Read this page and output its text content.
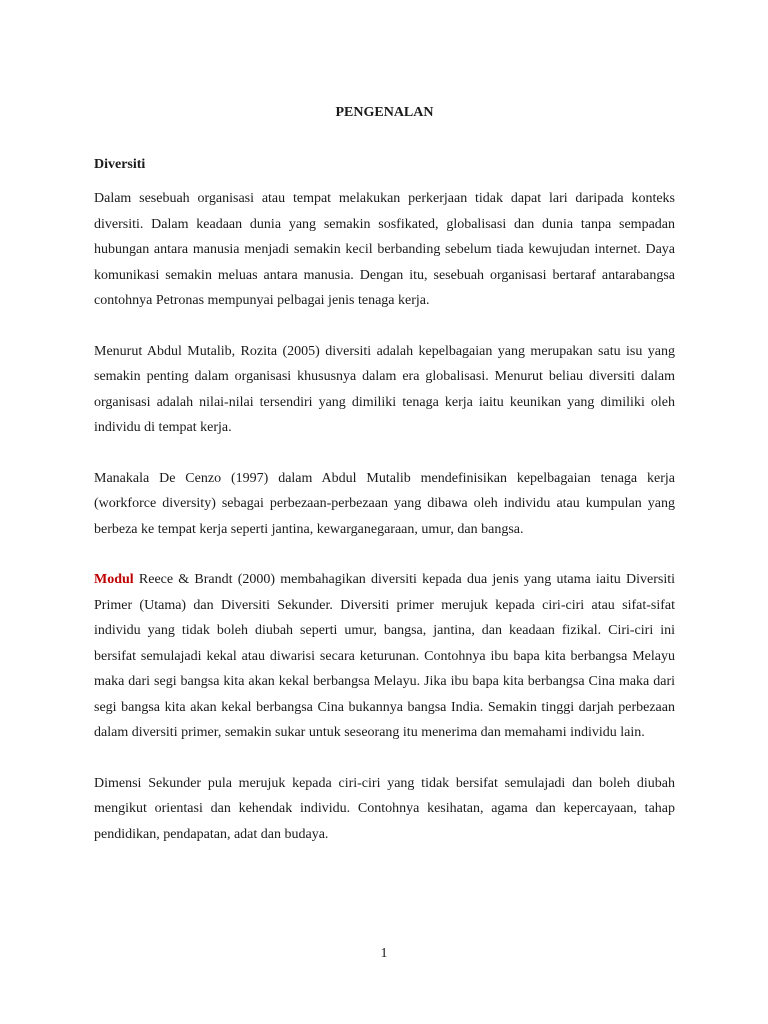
PENGENALAN
Diversiti

Dalam sesebuah organisasi atau tempat melakukan perkerjaan tidak dapat lari daripada konteks diversiti. Dalam keadaan dunia yang semakin sosfikated, globalisasi dan dunia tanpa sempadan hubungan antara manusia menjadi semakin kecil berbanding sebelum tiada kewujudan internet. Daya komunikasi semakin meluas antara manusia. Dengan itu, sesebuah organisasi bertaraf antarabangsa contohnya Petronas mempunyai pelbagai jenis tenaga kerja.

Menurut Abdul Mutalib, Rozita (2005) diversiti adalah kepelbagaian yang merupakan satu isu yang semakin penting dalam organisasi khususnya dalam era globalisasi. Menurut beliau diversiti dalam organisasi adalah nilai-nilai tersendiri yang dimiliki tenaga kerja iaitu keunikan yang dimiliki oleh individu di tempat kerja.

Manakala De Cenzo (1997) dalam Abdul Mutalib mendefinisikan kepelbagaian tenaga kerja (workforce diversity) sebagai perbezaan-perbezaan yang dibawa oleh individu atau kumpulan yang berbeza ke tempat kerja seperti jantina, kewarganegaraan, umur, dan bangsa.

Modul Reece & Brandt (2000) membahagikan diversiti kepada dua jenis yang utama iaitu Diversiti Primer (Utama) dan Diversiti Sekunder. Diversiti primer merujuk kepada ciri-ciri atau sifat-sifat individu yang tidak boleh diubah seperti umur, bangsa, jantina, dan keadaan fizikal. Ciri-ciri ini bersifat semulajadi kekal atau diwarisi secara keturunan. Contohnya ibu bapa kita berbangsa Melayu maka dari segi bangsa kita akan kekal berbangsa Melayu. Jika ibu bapa kita berbangsa Cina maka dari segi bangsa kita akan kekal berbangsa Cina bukannya bangsa India. Semakin tinggi darjah perbezaan dalam diversiti primer, semakin sukar untuk seseorang itu menerima dan memahami individu lain.

Dimensi Sekunder pula merujuk kepada ciri-ciri yang tidak bersifat semulajadi dan boleh diubah mengikut orientasi dan kehendak individu. Contohnya kesihatan, agama dan kepercayaan, tahap pendidikan, pendapatan, adat dan budaya.

1
